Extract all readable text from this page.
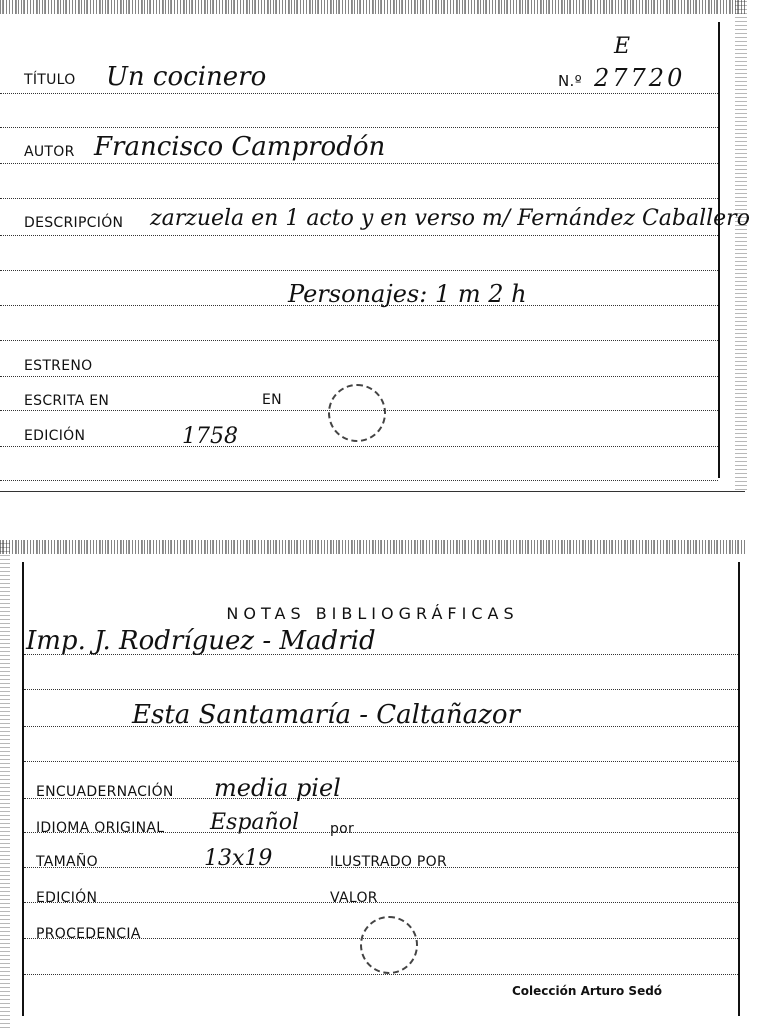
TÍTULO Un cocinero	N.º 27720
E
AUTOR Francisco Camprodón
DESCRIPCIÓN zarzuela en 1 acto y en verso m/ Fernández Caballero
Personajes: 1 m 2 h
ESTRENO
ESCRITA EN	EN
EDICIÓN	1758
NOTAS BIBLIOGRÁFICAS
Imp. J. Rodríguez - Madrid
Esta Santamaría - Caltañazor
ENCUADERNACIÓN media piel
IDIOMA ORIGINAL Español por
TAMAÑO	13x19	ILUSTRADO POR
EDICIÓN	VALOR
PROCEDENCIA
Colección Arturo Sedó
